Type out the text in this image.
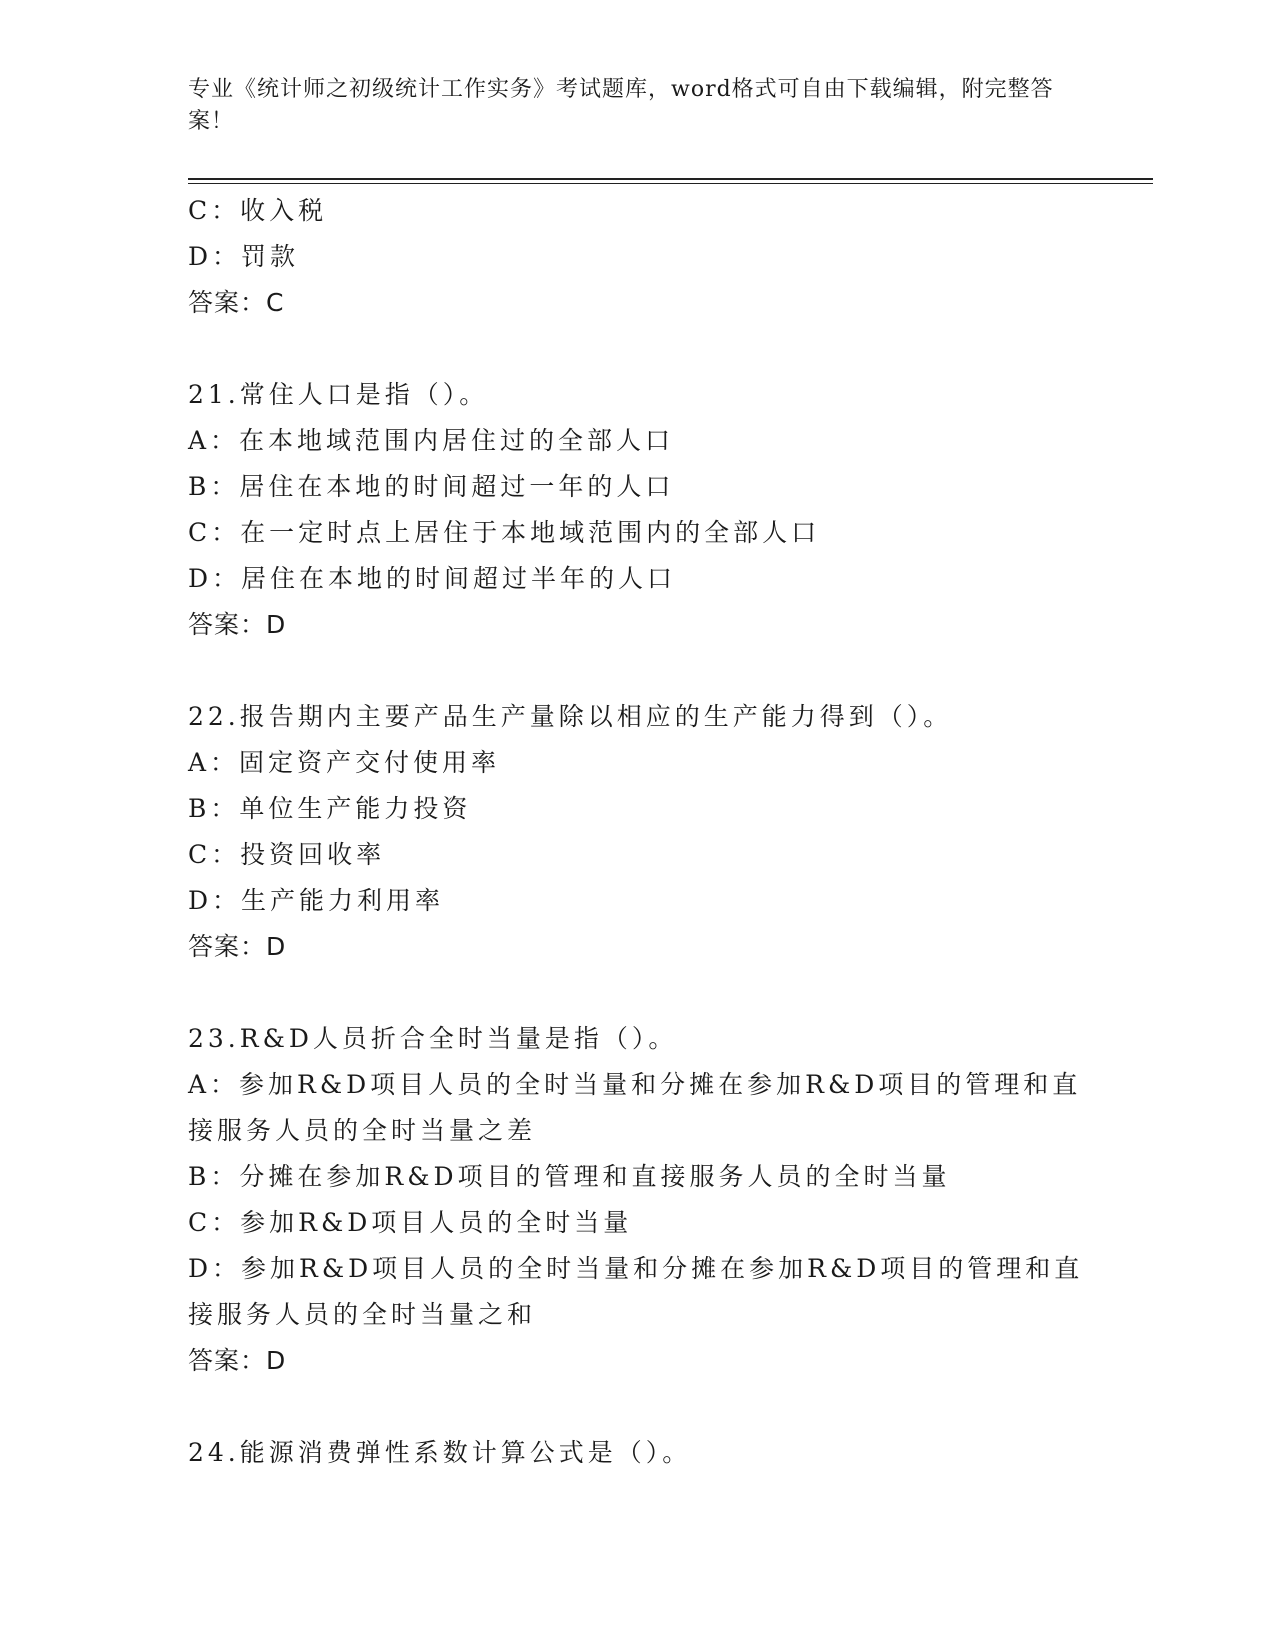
专业《统计师之初级统计工作实务》考试题库，word格式可自由下载编辑，附完整答案！
C：收入税
D：罚款
答案：C
21.常住人口是指（）。
A：在本地域范围内居住过的全部人口
B：居住在本地的时间超过一年的人口
C：在一定时点上居住于本地域范围内的全部人口
D：居住在本地的时间超过半年的人口
答案：D
22.报告期内主要产品生产量除以相应的生产能力得到（）。
A：固定资产交付使用率
B：单位生产能力投资
C：投资回收率
D：生产能力利用率
答案：D
23.R&D人员折合全时当量是指（）。
A：参加R&D项目人员的全时当量和分摊在参加R&D项目的管理和直接服务人员的全时当量之差
B：分摊在参加R&D项目的管理和直接服务人员的全时当量
C：参加R&D项目人员的全时当量
D：参加R&D项目人员的全时当量和分摊在参加R&D项目的管理和直接服务人员的全时当量之和
答案：D
24.能源消费弹性系数计算公式是（）。
